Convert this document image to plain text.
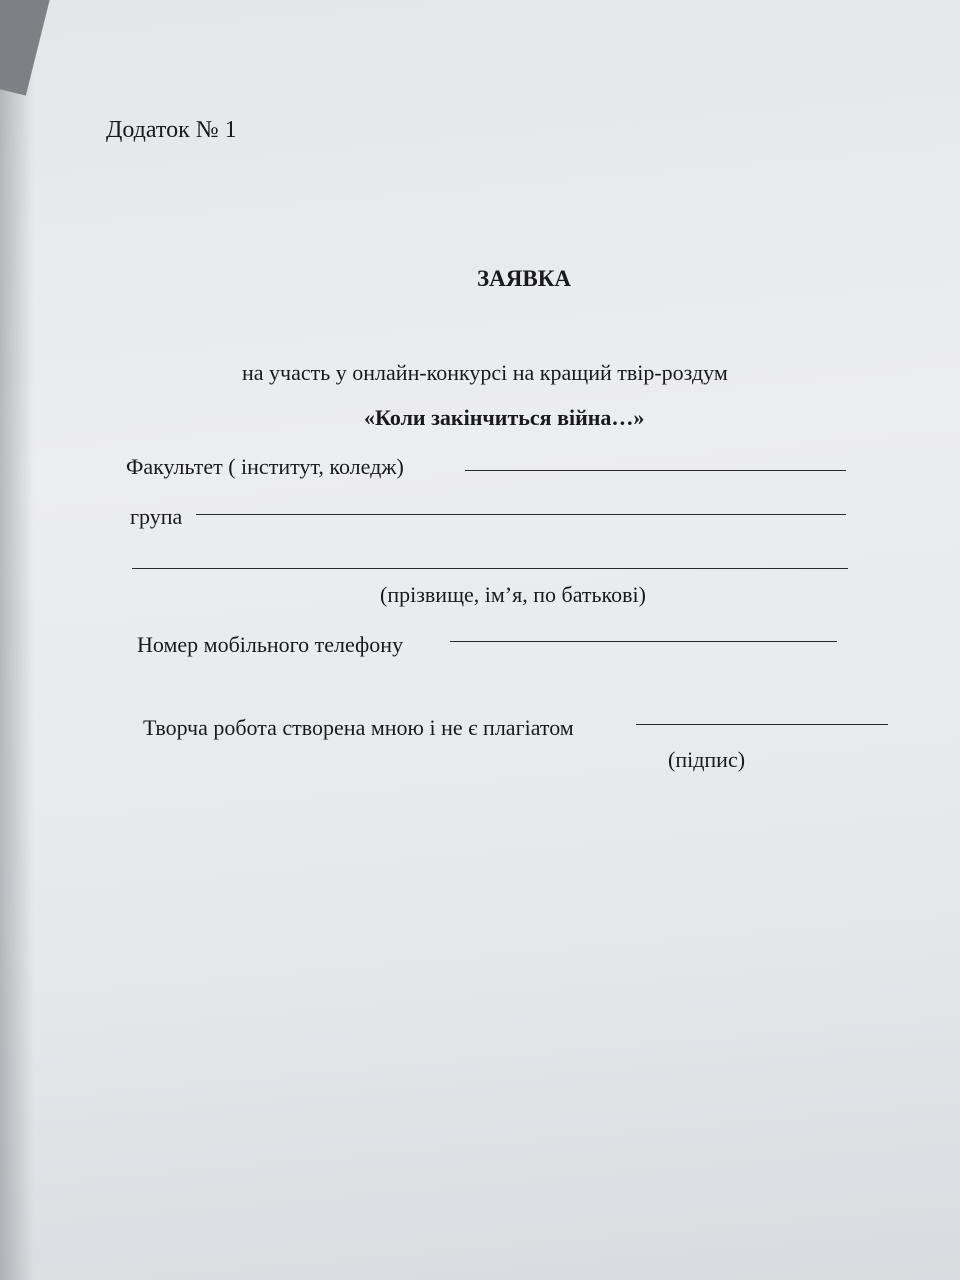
Додаток № 1
ЗАЯВКА
на участь у онлайн-конкурсі на кращий твір-роздум
«Коли закінчиться війна…»
Факультет ( інститут, коледж)
група
(прізвище, ім’я, по батькові)
Номер мобільного телефону
Творча робота створена мною і не є плагіатом
(підпис)
